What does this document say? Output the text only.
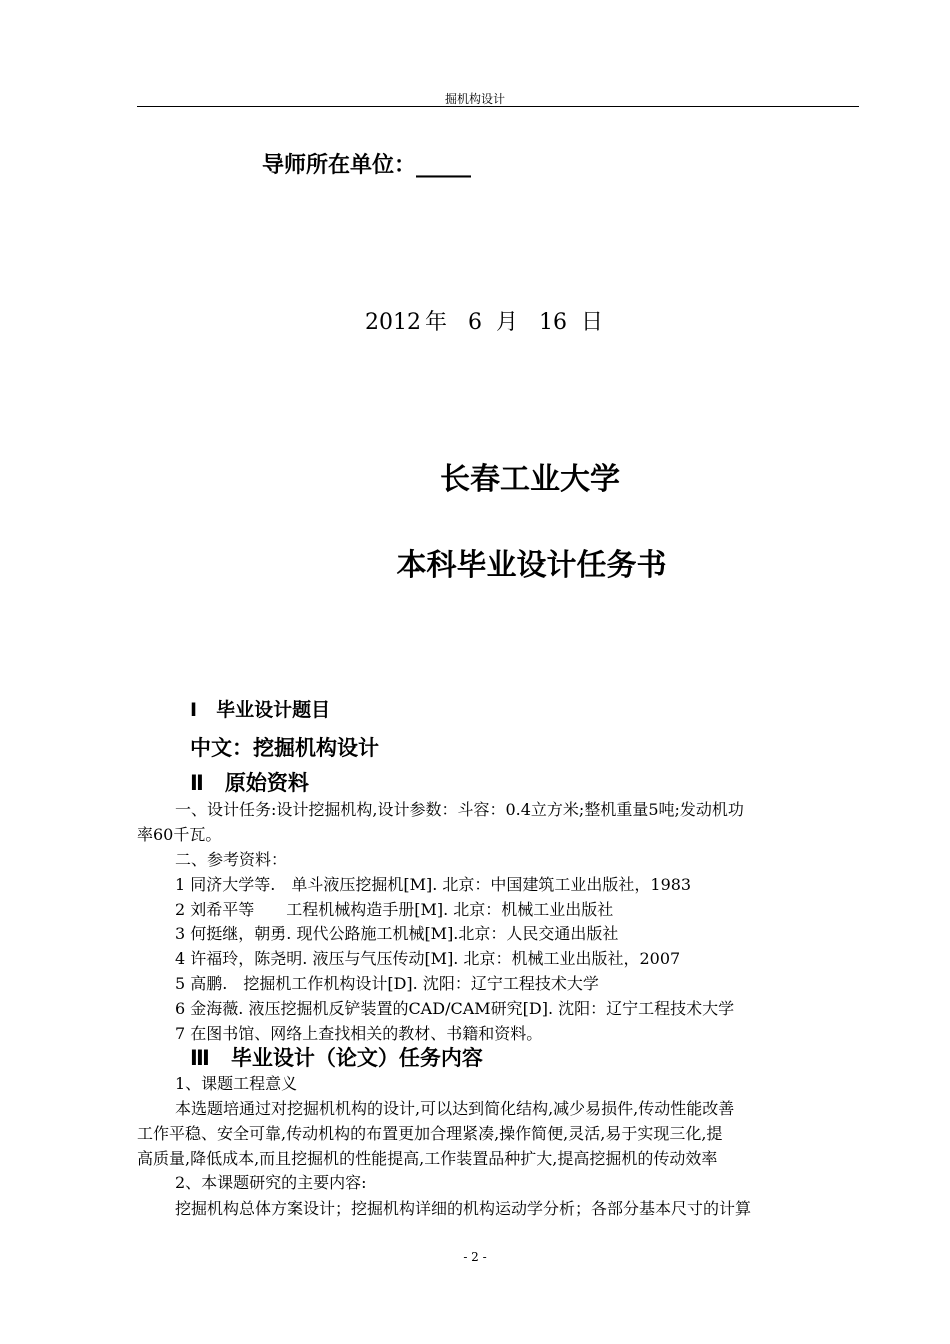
掘机构设计
导师所在单位：_____
2012 年 6 月 16 日
长春工业大学
本科毕业设计任务书
Ⅰ　毕业设计题目
中文：挖掘机构设计
Ⅱ　原始资料
一、设计任务:设计挖掘机构,设计参数：斗容：0.4立方米;整机重量5吨;发动机功
率60千瓦。
二、参考资料：
1 同济大学等.　单斗液压挖掘机[M]. 北京：中国建筑工业出版社，1983
2 刘希平等　　工程机械构造手册[M]. 北京：机械工业出版社
3 何挺继，朝勇. 现代公路施工机械[M].北京：人民交通出版社
4 许福玲，陈尧明. 液压与气压传动[M]. 北京：机械工业出版社，2007
5 高鹏.　挖掘机工作机构设计[D]. 沈阳：辽宁工程技术大学
6 金海薇. 液压挖掘机反铲装置的CAD/CAM研究[D]. 沈阳：辽宁工程技术大学
7 在图书馆、网络上查找相关的教材、书籍和资料。
Ⅲ　毕业设计（论文）任务内容
1、课题工程意义
本选题培通过对挖掘机机构的设计,可以达到简化结构,减少易损件,传动性能改善
工作平稳、安全可靠,传动机构的布置更加合理紧凑,操作简便,灵活,易于实现三化,提
高质量,降低成本,而且挖掘机的性能提高,工作装置品种扩大,提高挖掘机的传动效率
2、本课题研究的主要内容:
挖掘机构总体方案设计；挖掘机构详细的机构运动学分析；各部分基本尺寸的计算
- 2 -
